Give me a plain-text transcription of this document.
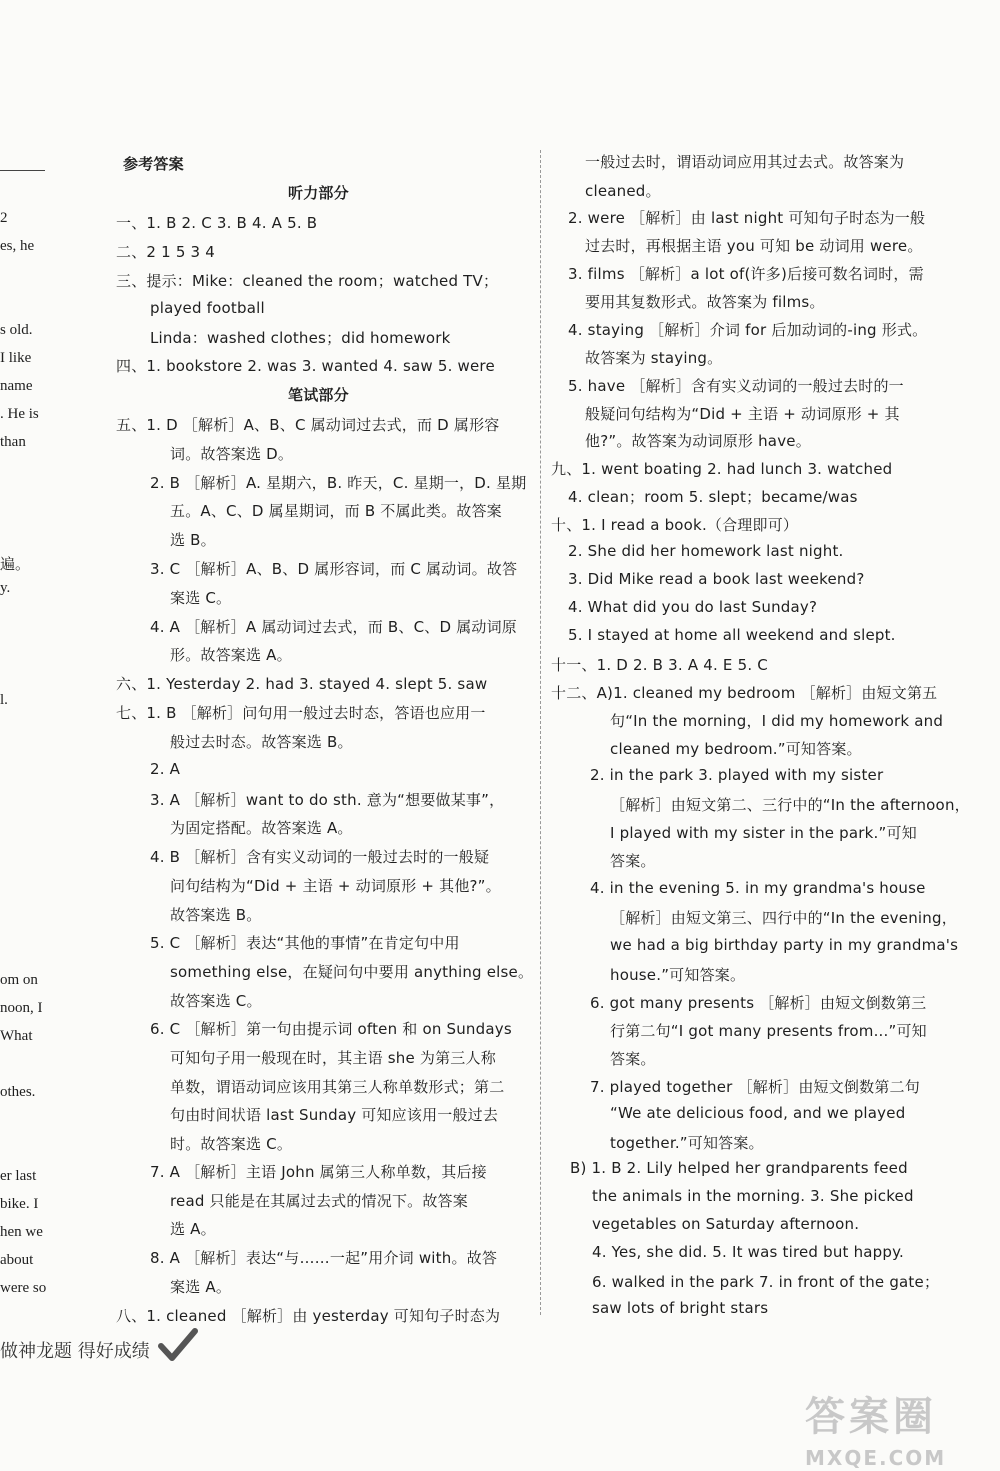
2
es, he
s old.
I like
name
. He is
than
遍。
y.
l.
om on
noon, I
What
othes.
er last
bike. I
hen we
about
were so
参考答案
听力部分
一、1. B 2. C 3. B 4. A 5. B
二、2 1 5 3 4
三、提示：Mike：cleaned the room；watched TV；
played football
Linda：washed clothes；did homework
四、1. bookstore 2. was 3. wanted 4. saw 5. were
笔试部分
五、1. D ［解析］A、B、C 属动词过去式，而 D 属形容
词。故答案选 D。
2. B ［解析］A. 星期六，B. 昨天，C. 星期一，D. 星期
五。A、C、D 属星期词，而 B 不属此类。故答案
选 B。
3. C ［解析］A、B、D 属形容词，而 C 属动词。故答
案选 C。
4. A ［解析］A 属动词过去式，而 B、C、D 属动词原
形。故答案选 A。
六、1. Yesterday 2. had 3. stayed 4. slept 5. saw
七、1. B ［解析］问句用一般过去时态，答语也应用一
般过去时态。故答案选 B。
2. A
3. A ［解析］want to do sth. 意为“想要做某事”，
为固定搭配。故答案选 A。
4. B ［解析］含有实义动词的一般过去时的一般疑
问句结构为“Did + 主语 + 动词原形 + 其他?”。
故答案选 B。
5. C ［解析］表达“其他的事情”在肯定句中用
something else，在疑问句中要用 anything else。
故答案选 C。
6. C ［解析］第一句由提示词 often 和 on Sundays
可知句子用一般现在时，其主语 she 为第三人称
单数，谓语动词应该用其第三人称单数形式；第二
句由时间状语 last Sunday 可知应该用一般过去
时。故答案选 C。
7. A ［解析］主语 John 属第三人称单数，其后接
read 只能是在其属过去式的情况下。故答案
选 A。
8. A ［解析］表达“与……一起”用介词 with。故答
案选 A。
八、1. cleaned ［解析］由 yesterday 可知句子时态为
一般过去时，谓语动词应用其过去式。故答案为
cleaned。
2. were ［解析］由 last night 可知句子时态为一般
过去时，再根据主语 you 可知 be 动词用 were。
3. films ［解析］a lot of(许多)后接可数名词时，需
要用其复数形式。故答案为 films。
4. staying ［解析］介词 for 后加动词的-ing 形式。
故答案为 staying。
5. have ［解析］含有实义动词的一般过去时的一
般疑问句结构为“Did + 主语 + 动词原形 + 其
他?”。故答案为动词原形 have。
九、1. went boating 2. had lunch 3. watched
4. clean；room 5. slept；became/was
十、1. I read a book.（合理即可）
2. She did her homework last night.
3. Did Mike read a book last weekend?
4. What did you do last Sunday?
5. I stayed at home all weekend and slept.
十一、1. D 2. B 3. A 4. E 5. C
十二、A)1. cleaned my bedroom ［解析］由短文第五
句“In the morning，I did my homework and
cleaned my bedroom.”可知答案。
2. in the park 3. played with my sister
［解析］由短文第二、三行中的“In the afternoon，
I played with my sister in the park.”可知
答案。
4. in the evening 5. in my grandma's house
［解析］由短文第三、四行中的“In the evening，
we had a big birthday party in my grandma's
house.”可知答案。
6. got many presents ［解析］由短文倒数第三
行第二句“I got many presents from...”可知
答案。
7. played together ［解析］由短文倒数第二句
“We ate delicious food, and we played
together.”可知答案。
B) 1. B 2. Lily helped her grandparents feed
the animals in the morning. 3. She picked
vegetables on Saturday afternoon.
4. Yes, she did. 5. It was tired but happy.
6. walked in the park 7. in front of the gate；
saw lots of bright stars
做神龙题 得好成绩
答案圈
MXQE.COM
